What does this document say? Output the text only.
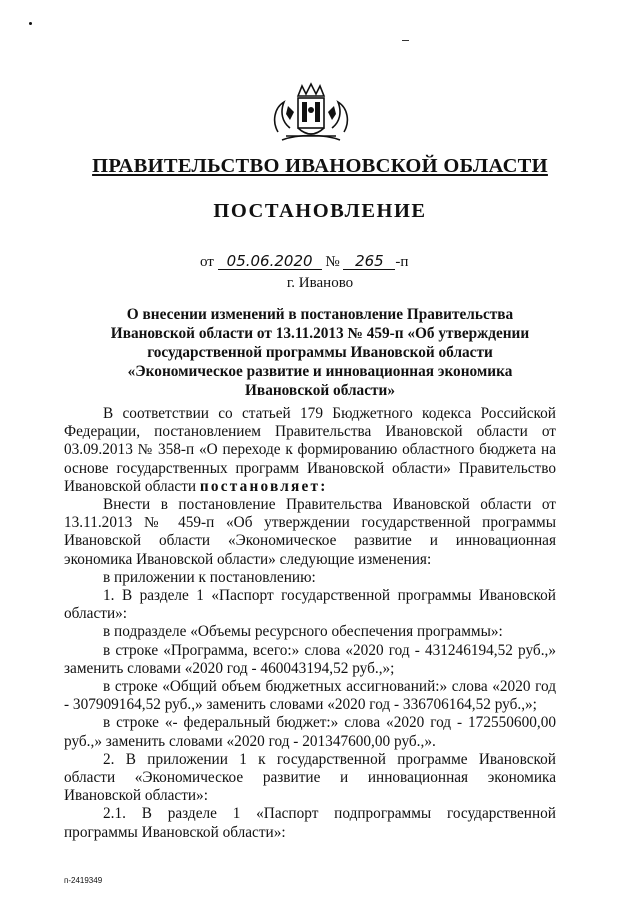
ПРАВИТЕЛЬСТВО ИВАНОВСКОЙ ОБЛАСТИ
ПОСТАНОВЛЕНИЕ
от 05.06.2020 № 265 -п
г. Иваново
О внесении изменений в постановление Правительства Ивановской области от 13.11.2013 № 459-п «Об утверждении государственной программы Ивановской области «Экономическое развитие и инновационная экономика Ивановской области»

В соответствии со статьей 179 Бюджетного кодекса Российской Федерации, постановлением Правительства Ивановской области от 03.09.2013 № 358-п «О переходе к формированию областного бюджета на основе государственных программ Ивановской области» Правительство Ивановской области постановляет:

Внести в постановление Правительства Ивановской области от 13.11.2013 № 459-п «Об утверждении государственной программы Ивановской области «Экономическое развитие и инновационная экономика Ивановской области» следующие изменения:

в приложении к постановлению:

1. В разделе 1 «Паспорт государственной программы Ивановской области»:

в подразделе «Объемы ресурсного обеспечения программы»:

в строке «Программа, всего:» слова «2020 год - 431246194,52 руб.,» заменить словами «2020 год - 460043194,52 руб.,»;

в строке «Общий объем бюджетных ассигнований:» слова «2020 год - 307909164,52 руб.,» заменить словами «2020 год - 336706164,52 руб.,»;

в строке «- федеральный бюджет:» слова «2020 год - 172550600,00 руб.,» заменить словами «2020 год - 201347600,00 руб.,».

2. В приложении 1 к государственной программе Ивановской области «Экономическое развитие и инновационная экономика Ивановской области»:

2.1. В разделе 1 «Паспорт подпрограммы государственной программы Ивановской области»:

п-2419349
